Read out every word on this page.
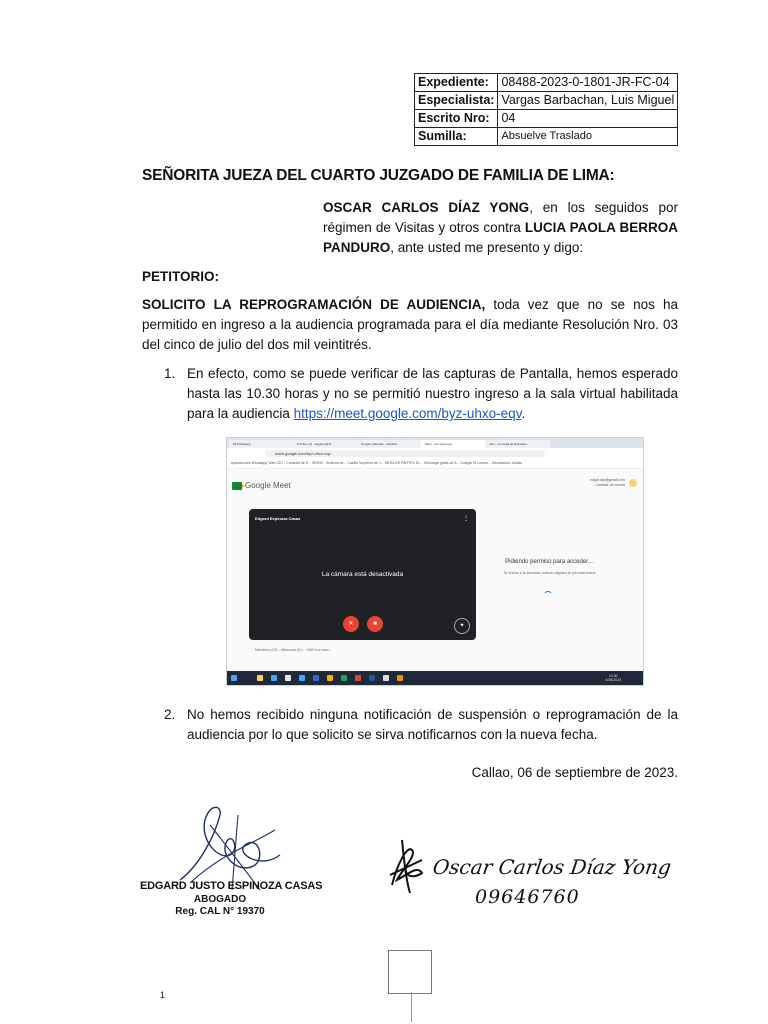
Expediente:	08488-2023-0-1801-JR-FC-04
Especialista:	Vargas Barbachan, Luis Miguel
Escrito Nro:	04
Sumilla:	Absuelve Traslado
SEÑORITA JUEZA DEL CUARTO JUZGADO DE FAMILIA DE LIMA:
OSCAR CARLOS DÍAZ YONG, en los seguidos por régimen de Visitas y otros contra LUCIA PAOLA BERROA PANDURO, ante usted me presento y digo:
PETITORIO:
SOLICITO LA REPROGRAMACIÓN DE AUDIENCIA, toda vez que no se nos ha permitido en ingreso a la audiencia programada para el día mediante Resolución Nro. 03 del cinco de julio del dos mil veintitrés.
1. En efecto, como se puede verificar de las capturas de Pantalla, hemos esperado hasta las 10.30 horas y no se permitió nuestro ingreso a la sala virtual habilitada para la audiencia https://meet.google.com/byz-uhxo-eqv.
Mi Whatsapp	M Inbox (3) - edgaroe@cl...	Google Calendar - Detalles	Meet - byz-uhxo-eqv	CEJ - Consulta de Expedien...
meet.google.com/byz-uhxo-eqv
Aplicaciones Whatsapp Web CEJ - Consulta de E... SINOE - Sistema de... Casilla Suprema de J... MESA DE PARTES EL... Descarga gratis de A... Colegio El Lucero... Declaracion Jurada
Google Meet
edgar.dpx@gmail.com
Cambiar de cuenta
Edgard Espinoza Casas	⋮
La cámara está desactivada
✕	■	✦
Pidiendo permiso para acceder...
Te unirás a la llamada cuando alguien te permita entrar
Micrófono (US... Altavoces (Ex... USB Live cam...
10:30
4/08/2023
2. No hemos recibido ninguna notificación de suspensión o reprogramación de la audiencia por lo que solicito se sirva notificarnos con la nueva fecha.
Callao, 06 de septiembre de 2023.
EDGARD JUSTO ESPINOZA CASAS
ABOGADO
Reg. CAL N° 19370
Oscar Carlos Díaz Yong
09646760
1
